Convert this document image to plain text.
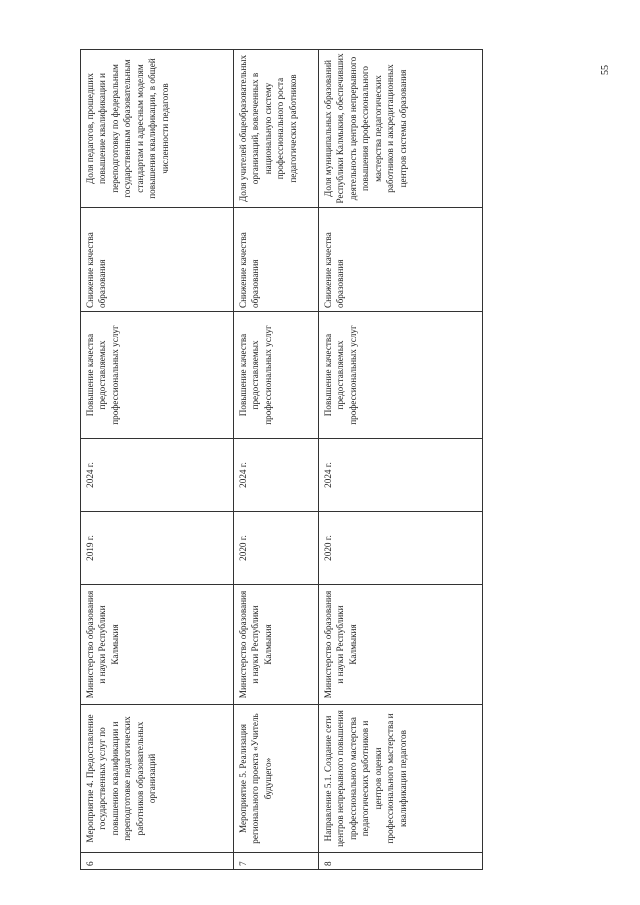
55
6	Мероприятие 4. Предоставление государственных услуг по повышению квалификации и переподготовке педагогических работников образовательных организаций	Министерство образования и науки Республики Калмыкия	2019 г.	2024 г.	Повышение качества предоставляемых профессиональных услуг	Снижение качества образования	Доля педагогов, прошедших повышение квалификации и переподготовку по федеральным государственным образовательным стандартам и адресным моделям повышения квалификации, в общей численности педагогов
7	Мероприятие 5. Реализация регионального проекта «Учитель будущего»	Министерство образования и науки Республики Калмыкия	2020 г.	2024 г.	Повышение качества предоставляемых профессиональных услуг	Снижение качества образования	Доля учителей общеобразовательных организаций, вовлеченных в национальную систему профессионального роста педагогических работников
8	Направление 5.1. Создание сети центров непрерывного повышения профессионального мастерства педагогических работников и центров оценки профессионального мастерства и квалификации педагогов	Министерство образования и науки Республики Калмыкия	2020 г.	2024 г.	Повышение качества предоставляемых профессиональных услуг	Снижение качества образования	Доля муниципальных образований Республики Калмыкия, обеспечивших деятельность центров непрерывного повышения профессионального мастерства педагогических работников и аккредитационных центров системы образования
